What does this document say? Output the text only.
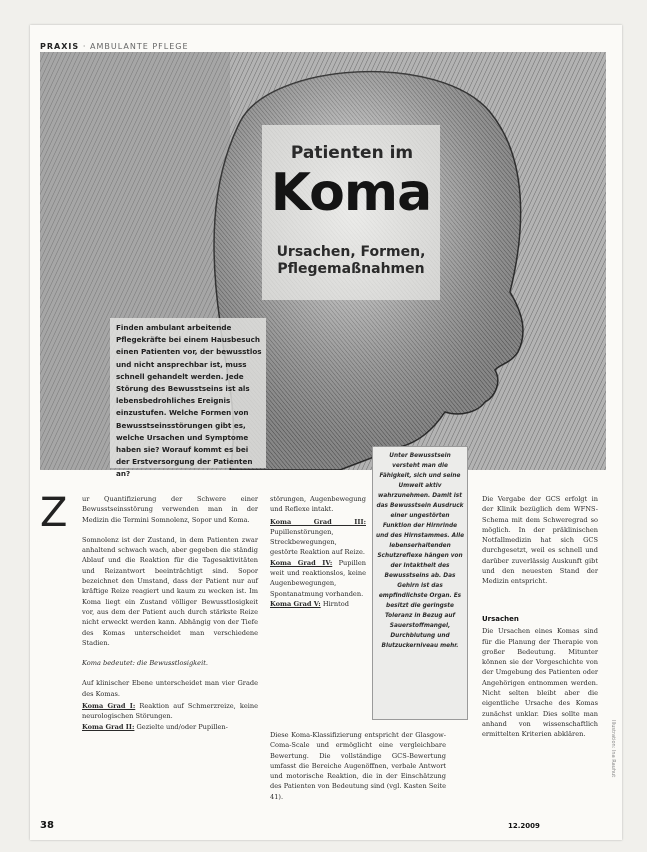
PRAXIS · AMBULANTE PFLEGE
Patienten im
Koma
Ursachen, Formen,
Pflegemaßnahmen
Finden ambulant arbeitende Pflegekräfte bei einem Hausbesuch einen Patienten vor, der bewusstlos und nicht ansprechbar ist, muss schnell gehandelt werden. Jede Störung des Bewusstseins ist als lebensbedrohliches Ereignis einzustufen. Welche Formen von Bewusstseinsstörungen gibt es, welche Ursachen und Symptome haben sie? Worauf kommt es bei der Erstversorgung der Patienten an?
Unter Bewusstsein versteht man die Fähigkeit, sich und seine Umwelt aktiv wahrzunehmen. Damit ist das Bewusstsein Ausdruck einer ungestörten Funktion der Hirnrinde und des Hirnstammes. Alle lebenserhaltenden Schutzreflexe hängen von der Intaktheit des Bewusstseins ab. Das Gehirn ist das empfindlichste Organ. Es besitzt die geringste Toleranz in Bezug auf Sauerstoffmangel, Durchblutung und Blutzuckerniveau mehr.
Z	ur Quantifizierung der Schwere einer Bewusstseinsstörung verwenden man in der Medizin die Termini Somnolenz, Sopor und Koma.

Somnolenz ist der Zustand, in dem Patienten zwar anhaltend schwach wach, aber gegeben die ständig Ablauf und die Reaktion für die Tagesaktivitäten und Reizantwort beeinträchtigt sind. Sopor bezeichnet den Umstand, dass der Patient nur auf kräftige Reize reagiert und kaum zu wecken ist. Im Koma liegt ein Zustand völliger Bewusstlosigkeit vor, aus dem der Patient auch durch stärkste Reize nicht erweckt werden kann. Abhängig von der Tiefe des Komas unterscheidet man verschiedene Stadien.

Koma bedeutet: die Bewusstlosigkeit.

Auf klinischer Ebene unterscheidet man vier Grade des Komas.

Koma Grad I: Reaktion auf Schmerzreize, keine neurologischen Störungen.
Koma Grad II: Gezielte und/oder Pupillen-

störungen, Augenbewegung und Reflexe intakt.

Koma Grad III: Pupillenstörungen, Streckbewegungen, gestörte Reaktion auf Reize.
Koma Grad IV: Pupillen weit und reaktionslos, keine Augenbewegungen, Spontanatmung vorhanden.
Koma Grad V: Hirntod

Diese Koma-Klassifizierung entspricht der Glasgow-Coma-Scale und ermöglicht eine vergleichbare Bewertung. Die vollständige GCS-Bewertung umfasst die Bereiche Augenöffnen, verbale Antwort und motorische Reaktion, die in der Einschätzung des Patienten von Bedeutung sind (vgl. Kasten Seite 41).

Die Vergabe der GCS erfolgt in der Klinik bezüglich dem WFNS-Schema mit dem Schweregrad so möglich. In der präklinischen Notfallmedizin hat sich GCS durchgesetzt, weil es schnell und darüber zuverlässig Auskunft gibt und den neuesten Stand der Medizin entspricht.

Ursachen

Die Ursachen eines Komas sind für die Planung der Therapie von großer Bedeutung. Mitunter können sie der Vorgeschichte von der Umgebung des Patienten oder Angehörigen entnommen werden. Nicht selten bleibt aber die eigentliche Ursache des Komas zunächst unklar. Dies sollte man anhand von wissenschaftlich ermittelten Kriterien abklären.

38	12.2009
Illustration: Ina Rauhut
